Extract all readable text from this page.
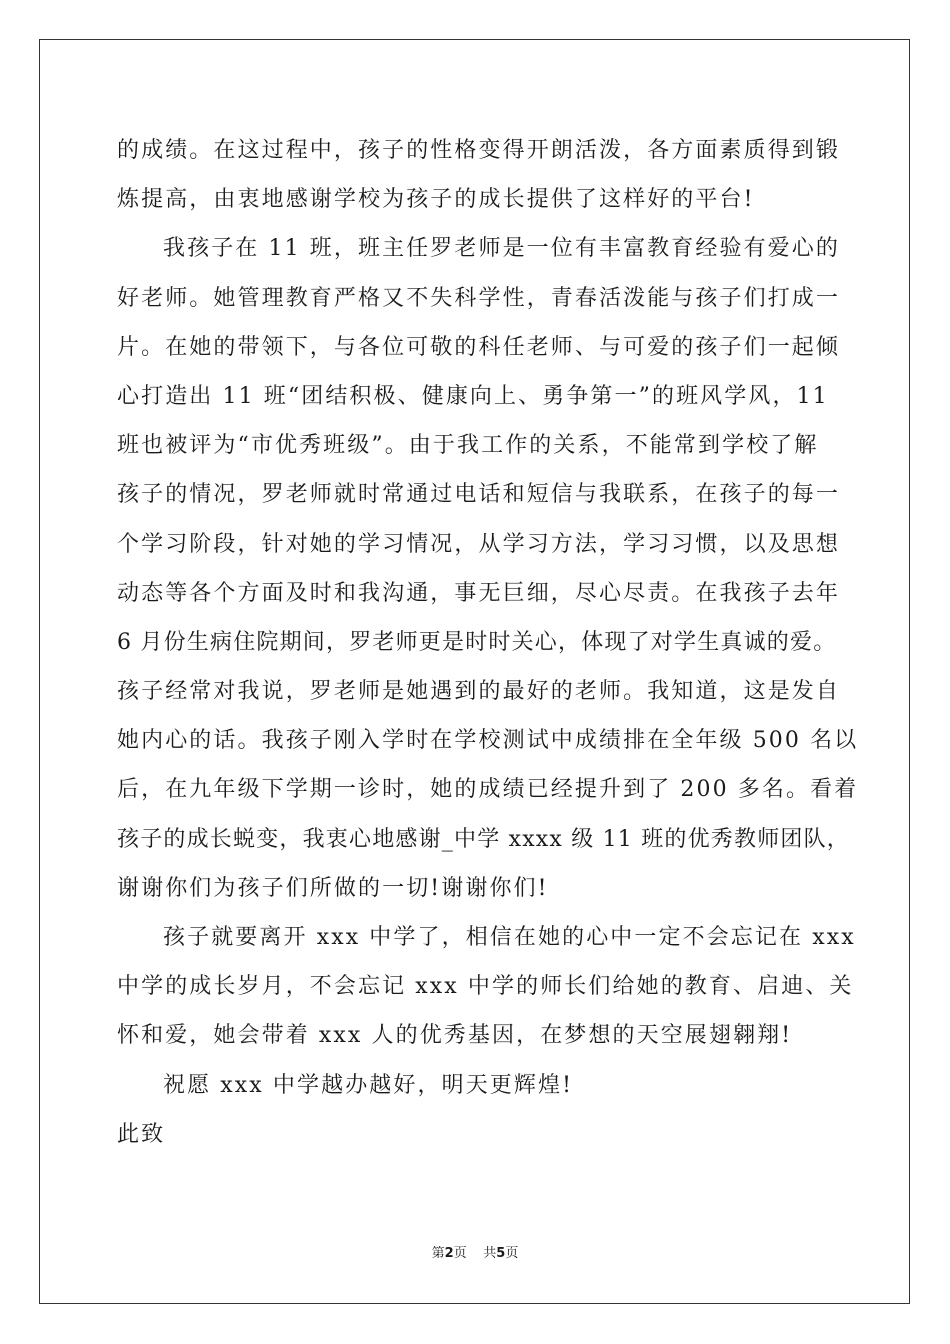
的成绩。在这过程中，孩子的性格变得开朗活泼，各方面素质得到锻
炼提高，由衷地感谢学校为孩子的成长提供了这样好的平台!
我孩子在 11 班，班主任罗老师是一位有丰富教育经验有爱心的
好老师。她管理教育严格又不失科学性，青春活泼能与孩子们打成一
片。在她的带领下，与各位可敬的科任老师、与可爱的孩子们一起倾
心打造出 11 班“团结积极、健康向上、勇争第一”的班风学风，11
班也被评为“市优秀班级”。由于我工作的关系，不能常到学校了解
孩子的情况，罗老师就时常通过电话和短信与我联系，在孩子的每一
个学习阶段，针对她的学习情况，从学习方法，学习习惯，以及思想
动态等各个方面及时和我沟通，事无巨细，尽心尽责。在我孩子去年
6 月份生病住院期间，罗老师更是时时关心，体现了对学生真诚的爱。
孩子经常对我说，罗老师是她遇到的最好的老师。我知道，这是发自
她内心的话。我孩子刚入学时在学校测试中成绩排在全年级 500 名以
后，在九年级下学期一诊时，她的成绩已经提升到了 200 多名。看着
孩子的成长蜕变，我衷心地感谢_中学 xxxx 级 11 班的优秀教师团队，
谢谢你们为孩子们所做的一切!谢谢你们!
孩子就要离开 xxx 中学了，相信在她的心中一定不会忘记在 xxx
中学的成长岁月，不会忘记 xxx 中学的师长们给她的教育、启迪、关
怀和爱，她会带着 xxx 人的优秀基因，在梦想的天空展翅翱翔!
祝愿 xxx 中学越办越好，明天更辉煌!
此致
第2页 共5页
